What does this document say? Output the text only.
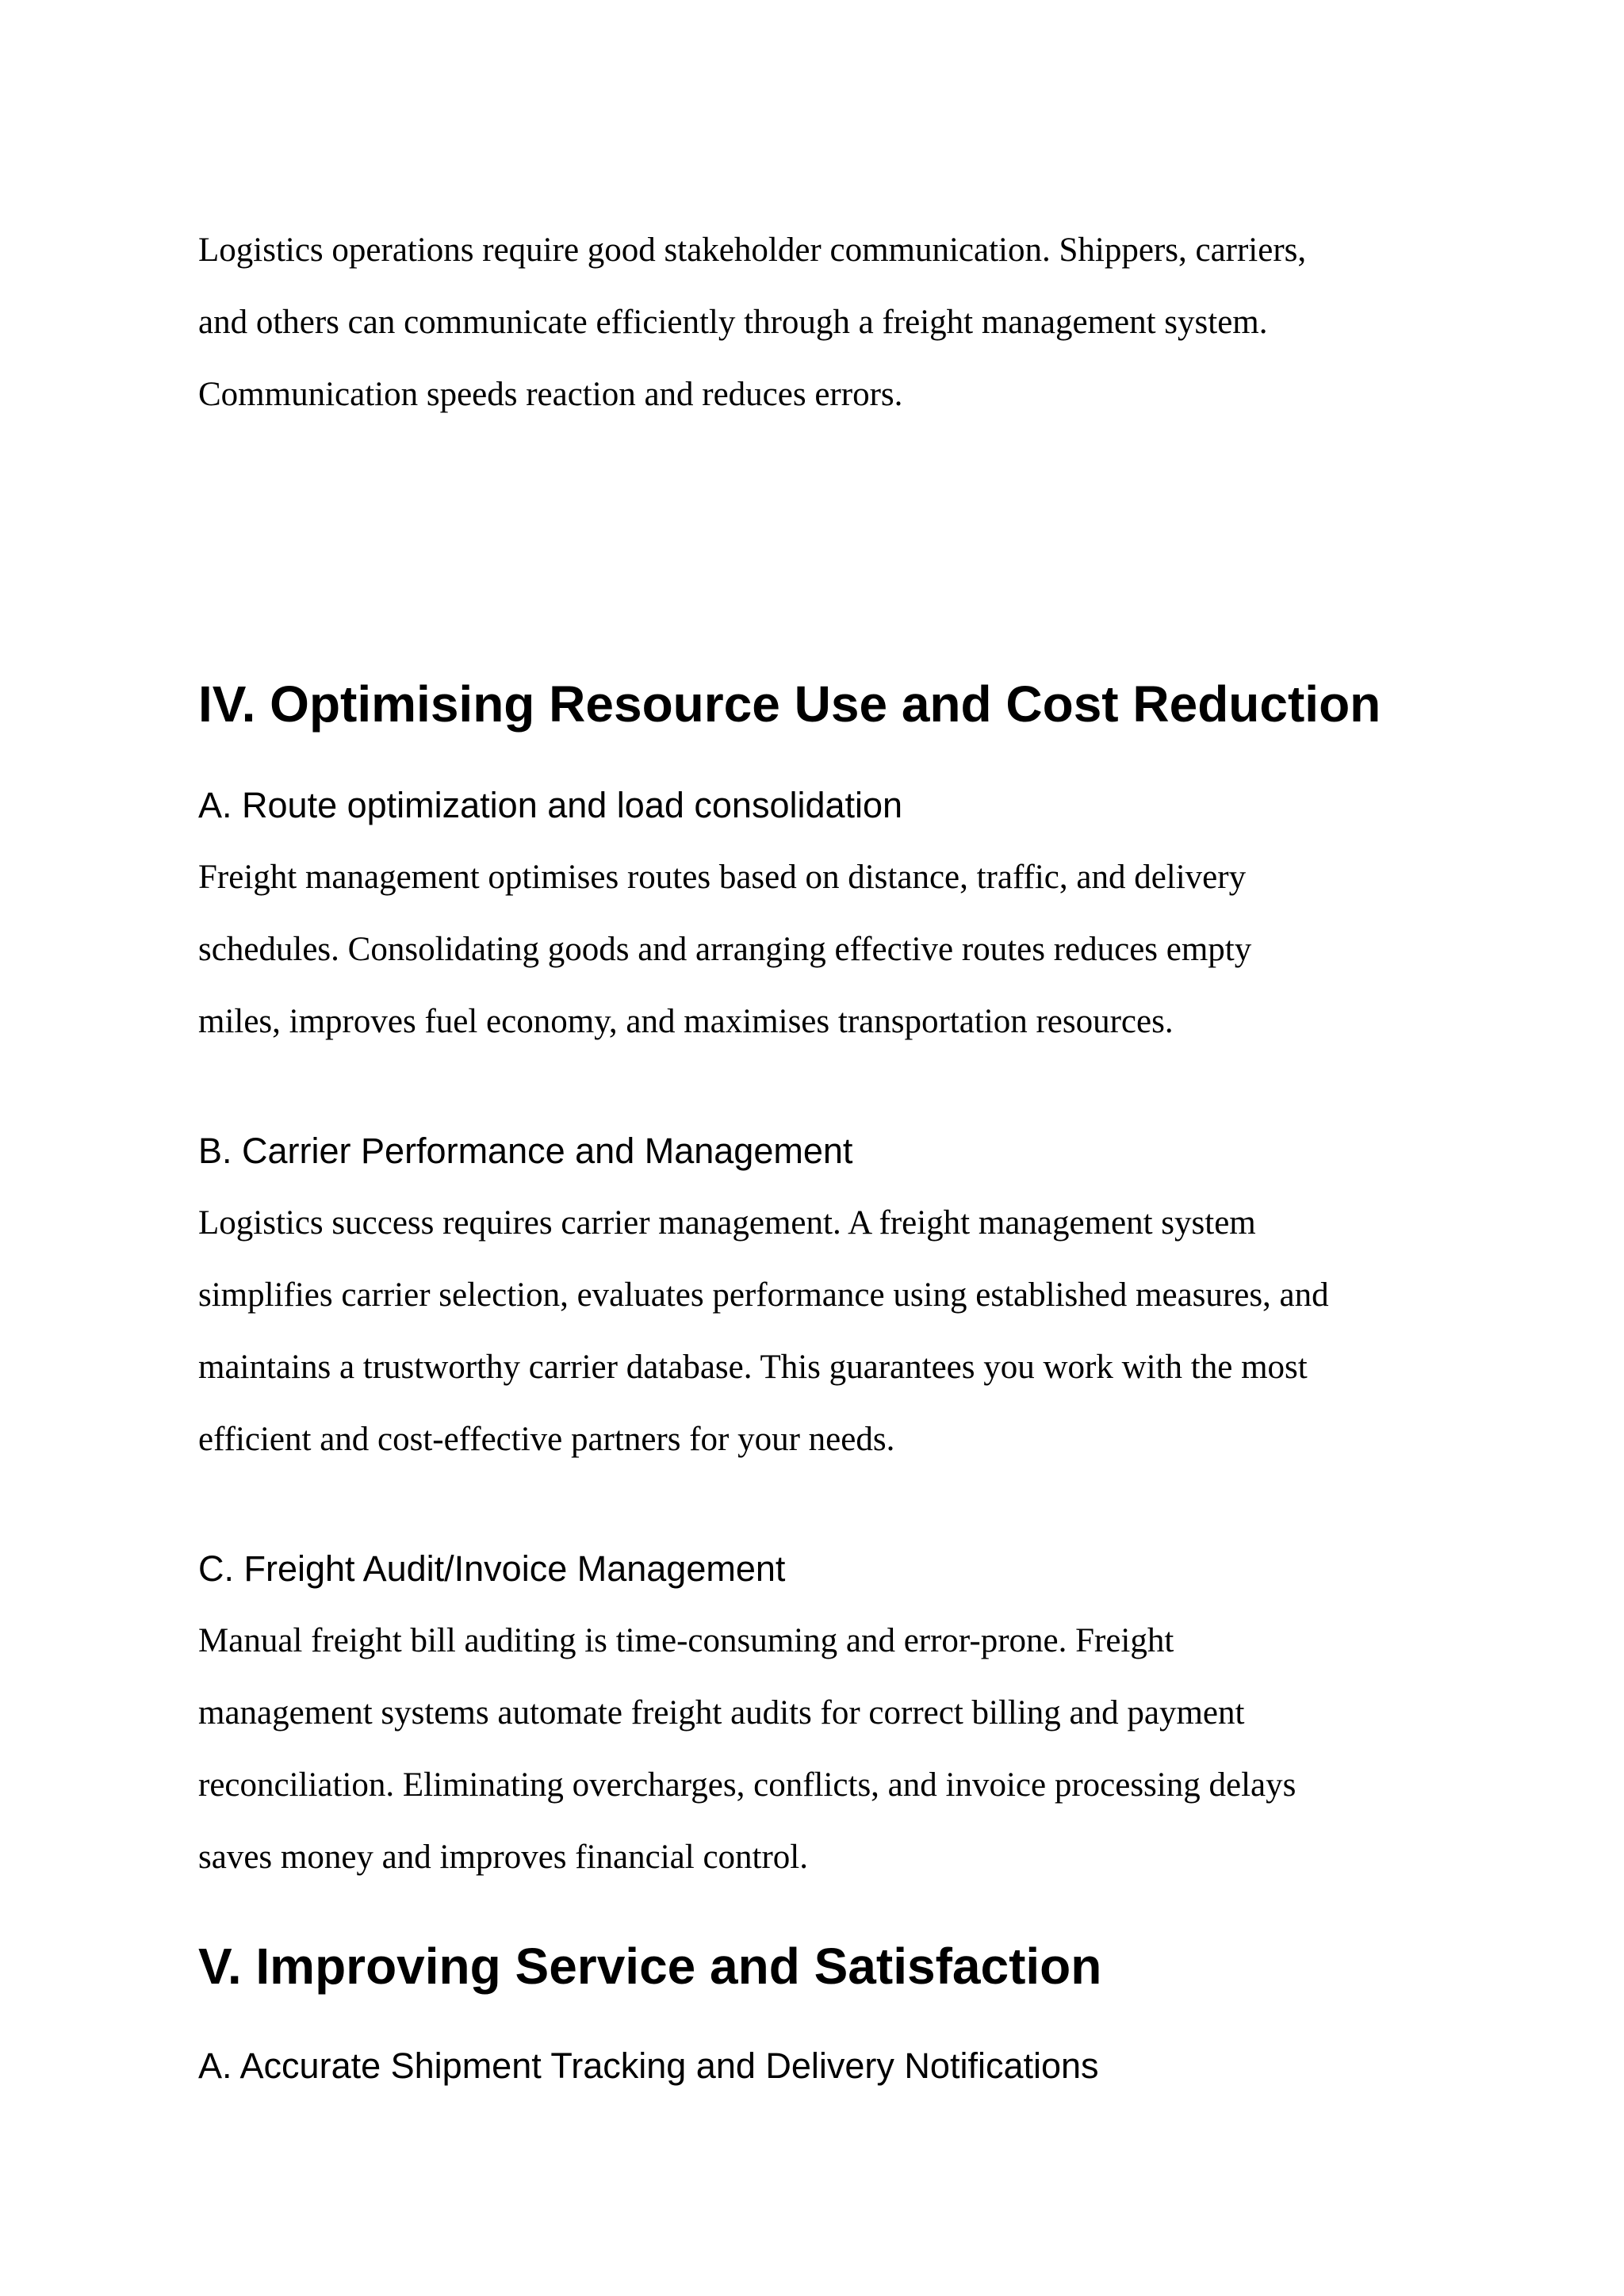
Logistics operations require good stakeholder communication. Shippers, carriers,
and others can communicate efficiently through a freight management system.
Communication speeds reaction and reduces errors.

IV. Optimising Resource Use and Cost Reduction
A. Route optimization and load consolidation

Freight management optimises routes based on distance, traffic, and delivery
schedules. Consolidating goods and arranging effective routes reduces empty
miles, improves fuel economy, and maximises transportation resources.

B. Carrier Performance and Management

Logistics success requires carrier management. A freight management system
simplifies carrier selection, evaluates performance using established measures, and
maintains a trustworthy carrier database. This guarantees you work with the most
efficient and cost-effective partners for your needs.

C. Freight Audit/Invoice Management

Manual freight bill auditing is time-consuming and error-prone. Freight
management systems automate freight audits for correct billing and payment
reconciliation. Eliminating overcharges, conflicts, and invoice processing delays
saves money and improves financial control.

V. Improving Service and Satisfaction
A. Accurate Shipment Tracking and Delivery Notifications
